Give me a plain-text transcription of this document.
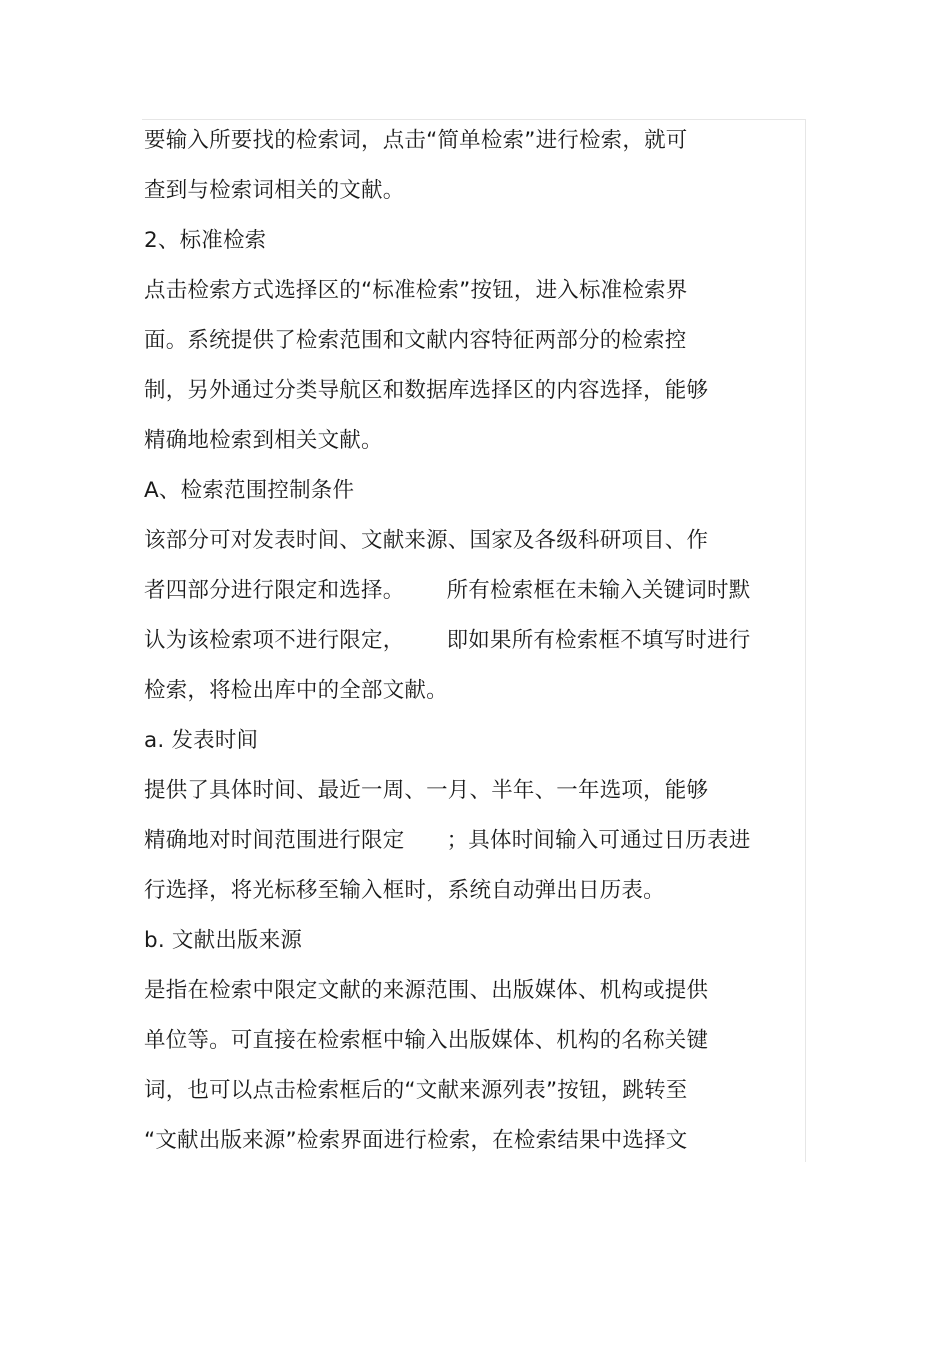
要输入所要找的检索词，点击“简单检索”进行检索，就可
查到与检索词相关的文献。
2、标准检索
点击检索方式选择区的“标准检索”按钮，进入标准检索界
面。系统提供了检索范围和文献内容特征两部分的检索控
制，另外通过分类导航区和数据库选择区的内容选择，能够
精确地检索到相关文献。
A、检索范围控制条件
该部分可对发表时间、文献来源、国家及各级科研项目、作
者四部分进行限定和选择。      所有检索框在未输入关键词时默
认为该检索项不进行限定，      即如果所有检索框不填写时进行
检索，将检出库中的全部文献。
a. 发表时间
提供了具体时间、最近一周、一月、半年、一年选项，能够
精确地对时间范围进行限定      ；具体时间输入可通过日历表进
行选择，将光标移至输入框时，系统自动弹出日历表。
b. 文献出版来源
是指在检索中限定文献的来源范围、出版媒体、机构或提供
单位等。可直接在检索框中输入出版媒体、机构的名称关键
词，也可以点击检索框后的“文献来源列表”按钮，跳转至
“文献出版来源”检索界面进行检索，在检索结果中选择文
